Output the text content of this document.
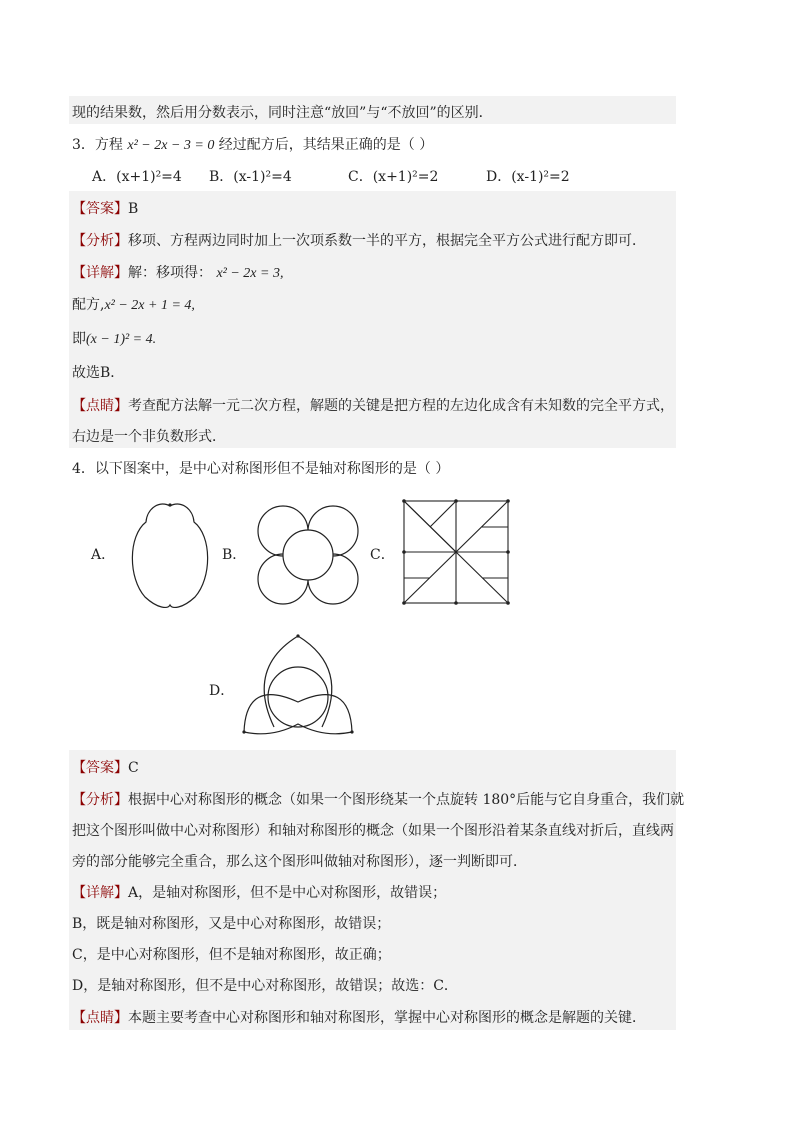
现的结果数，然后用分数表示，同时注意“放回”与“不放回”的区别．
3．方程 x² − 2x − 3 = 0 经过配方后，其结果正确的是（ ）
A．(x+1)²=4 B．(x-1)²=4	C．(x+1)²=2	D．(x-1)²=2
【答案】B
【分析】移项、方程两边同时加上一次项系数一半的平方，根据完全平方公式进行配方即可．
【详解】解：移项得： x² − 2x = 3,
配方,x² − 2x + 1 = 4,
即(x − 1)² = 4.
故选B．
【点睛】考查配方法解一元二次方程，解题的关键是把方程的左边化成含有未知数的完全平方式，
右边是一个非负数形式．
4．以下图案中，是中心对称图形但不是轴对称图形的是（ ）
A．	B．	C．
D．
【答案】C
【分析】根据中心对称图形的概念（如果一个图形绕某一个点旋转 180°后能与它自身重合，我们就
把这个图形叫做中心对称图形）和轴对称图形的概念（如果一个图形沿着某条直线对折后，直线两
旁的部分能够完全重合，那么这个图形叫做轴对称图形），逐一判断即可．
【详解】A，是轴对称图形，但不是中心对称图形，故错误；
B，既是轴对称图形，又是中心对称图形，故错误；
C，是中心对称图形，但不是轴对称图形，故正确；
D，是轴对称图形，但不是中心对称图形，故错误；故选：C．
【点睛】本题主要考查中心对称图形和轴对称图形，掌握中心对称图形的概念是解题的关键．
